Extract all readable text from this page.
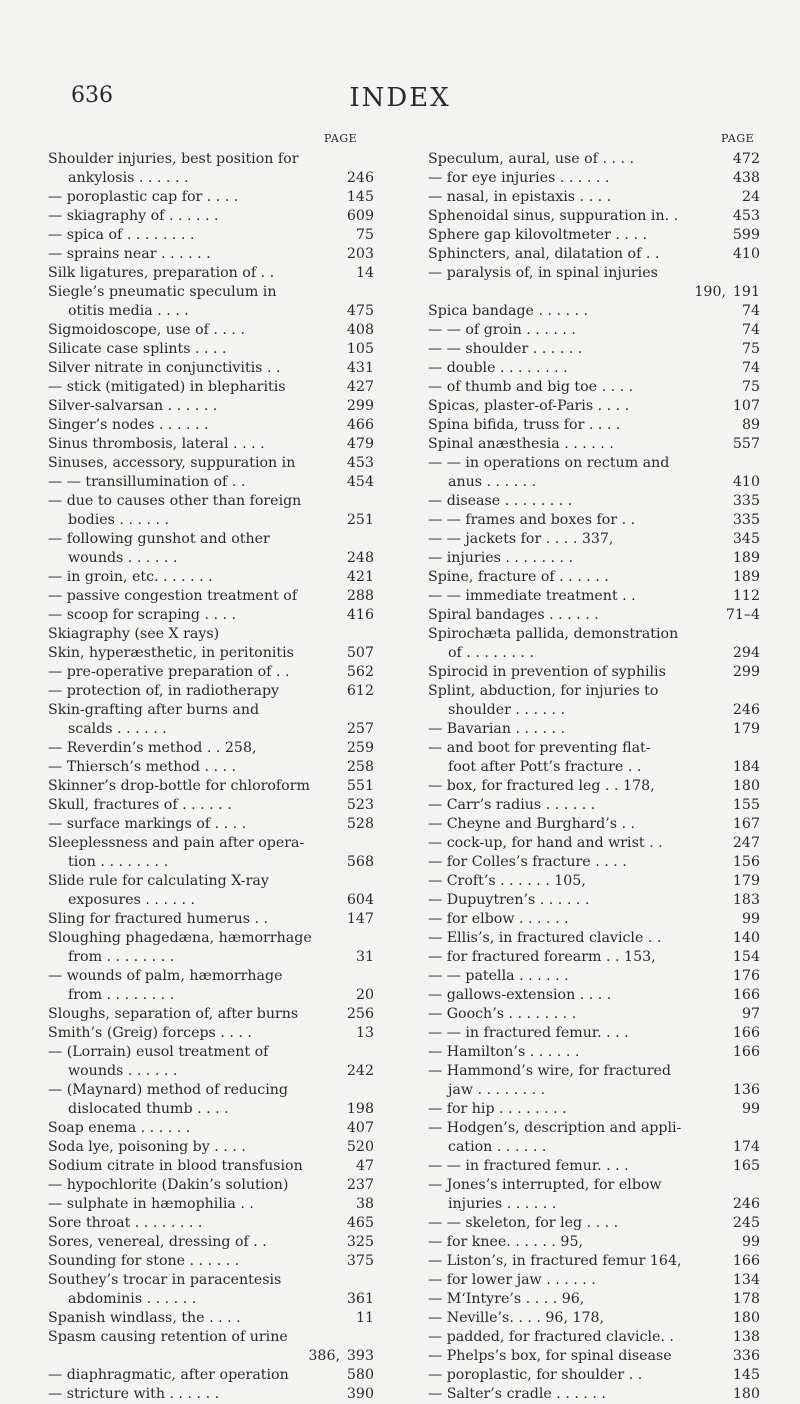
636	INDEX
PAGE	PAGE
Shoulder injuries, best position for
ankylosis . . . . . .	246
— poroplastic cap for . . . .	145
— skiagraphy of . . . . . .	609
— spica of . . . . . . . .	75
— sprains near . . . . . .	203
Silk ligatures, preparation of . .	14
Siegle’s pneumatic speculum in
otitis media . . . .	475
Sigmoidoscope, use of . . . .	408
Silicate case splints . . . .	105
Silver nitrate in conjunctivitis . .	431
— stick (mitigated) in blepharitis	427
Silver-salvarsan . . . . . .	299
Singer’s nodes . . . . . .	466
Sinus thrombosis, lateral . . . .	479
Sinuses, accessory, suppuration in	453
— — transillumination of . .	454
— due to causes other than foreign
bodies . . . . . .	251
— following gunshot and other
wounds . . . . . .	248
— in groin, etc. . . . . . .	421
— passive congestion treatment of	288
— scoop for scraping . . . .	416
Skiagraphy (see X rays)
Skin, hyperæsthetic, in peritonitis	507
— pre-operative preparation of . .	562
— protection of, in radiotherapy	612
Skin-grafting after burns and
scalds . . . . . .	257
— Reverdin’s method . . 258,	259
— Thiersch’s method . . . .	258
Skinner’s drop-bottle for chloroform	551
Skull, fractures of . . . . . .	523
— surface markings of . . . .	528
Sleeplessness and pain after opera-
tion . . . . . . . .	568
Slide rule for calculating X-ray
exposures . . . . . .	604
Sling for fractured humerus . .	147
Sloughing phagedæna, hæmorrhage
from . . . . . . . .	31
— wounds of palm, hæmorrhage
from . . . . . . . .	20
Sloughs, separation of, after burns	256
Smith’s (Greig) forceps . . . .	13
— (Lorrain) eusol treatment of
wounds . . . . . .	242
— (Maynard) method of reducing
dislocated thumb . . . .	198
Soap enema . . . . . .	407
Soda lye, poisoning by . . . .	520
Sodium citrate in blood transfusion	47
— hypochlorite (Dakin’s solution)	237
— sulphate in hæmophilia . .	38
Sore throat . . . . . . . .	465
Sores, venereal, dressing of . .	325
Sounding for stone . . . . . .	375
Southey’s trocar in paracentesis
abdominis . . . . . .	361
Spanish windlass, the . . . .	11
Spasm causing retention of urine
386, 393
— diaphragmatic, after operation	580
— stricture with . . . . . .	390
Speculum, aural, use of . . . .	472
— for eye injuries . . . . . .	438
— nasal, in epistaxis . . . .	24
Sphenoidal sinus, suppuration in. .	453
Sphere gap kilovoltmeter . . . .	599
Sphincters, anal, dilatation of . .	410
— paralysis of, in spinal injuries
190, 191
Spica bandage . . . . . .	74
— — of groin . . . . . .	74
— — shoulder . . . . . .	75
— double . . . . . . . .	74
— of thumb and big toe . . . .	75
Spicas, plaster-of-Paris . . . .	107
Spina bifida, truss for . . . .	89
Spinal anæsthesia . . . . . .	557
— — in operations on rectum and
anus . . . . . .	410
— disease . . . . . . . .	335
— — frames and boxes for . .	335
— — jackets for . . . . 337,	345
— injuries . . . . . . . .	189
Spine, fracture of . . . . . .	189
— — immediate treatment . .	112
Spiral bandages . . . . . .	71–4
Spirochæta pallida, demonstration
of . . . . . . . .	294
Spirocid in prevention of syphilis	299
Splint, abduction, for injuries to
shoulder . . . . . .	246
— Bavarian . . . . . .	179
— and boot for preventing flat-
foot after Pott’s fracture . .	184
— box, for fractured leg . . 178,	180
— Carr’s radius . . . . . .	155
— Cheyne and Burghard’s . .	167
— cock-up, for hand and wrist . .	247
— for Colles’s fracture . . . .	156
— Croft’s . . . . . . 105,	179
— Dupuytren’s . . . . . .	183
— for elbow . . . . . .	99
— Ellis’s, in fractured clavicle . .	140
— for fractured forearm . . 153,	154
— — patella . . . . . .	176
— gallows-extension . . . .	166
— Gooch’s . . . . . . . .	97
— — in fractured femur. . . .	166
— Hamilton’s . . . . . .	166
— Hammond’s wire, for fractured
jaw . . . . . . . .	136
— for hip . . . . . . . .	99
— Hodgen’s, description and appli-
cation . . . . . .	174
— — in fractured femur. . . .	165
— Jones’s interrupted, for elbow
injuries . . . . . .	246
— — skeleton, for leg . . . .	245
— for knee. . . . . . 95,	99
— Liston’s, in fractured femur 164,	166
— for lower jaw . . . . . .	134
— M‘Intyre’s . . . . 96,	178
— Neville’s. . . . 96, 178,	180
— padded, for fractured clavicle. .	138
— Phelps’s box, for spinal disease	336
— poroplastic, for shoulder . .	145
— Salter’s cradle . . . . . .	180
